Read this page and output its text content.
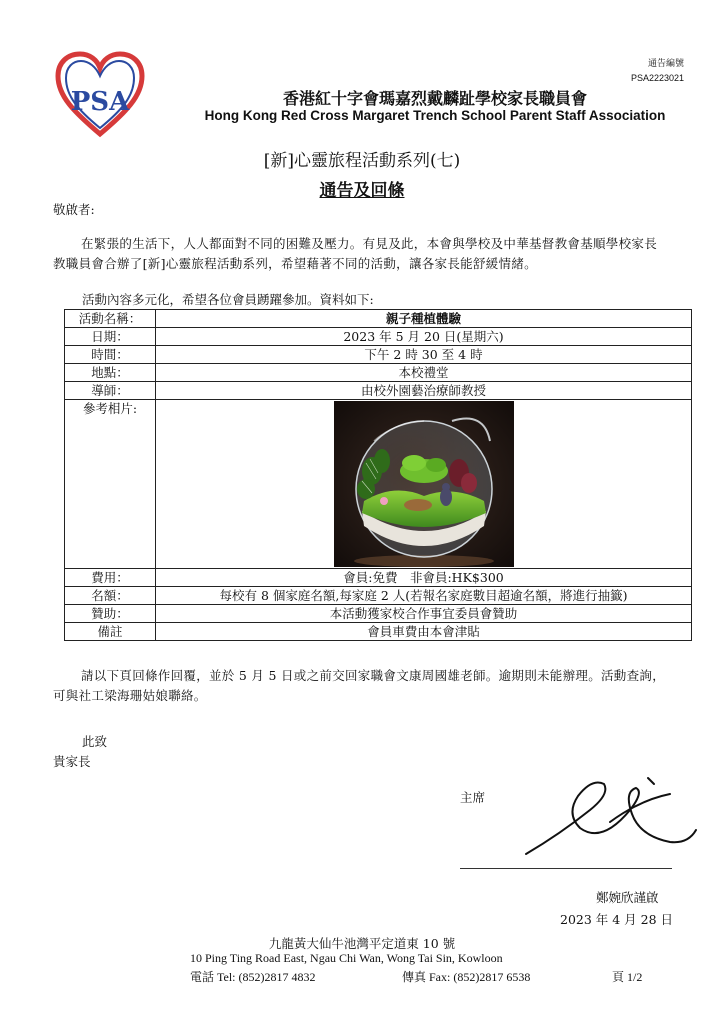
PSA
通告編號
PSA2223021
香港紅十字會瑪嘉烈戴麟趾學校家長職員會
Hong Kong Red Cross Margaret Trench School Parent Staff Association
[新]心靈旅程活動系列(七)
通告及回條
敬啟者:

在緊張的生活下，人人都面對不同的困難及壓力。有見及此，本會與學校及中華基督教會基順學校家長教職員會合辦了[新]心靈旅程活動系列，希望藉著不同的活動，讓各家長能舒緩情緒。

活動內容多元化，希望各位會員踴躍參加。資料如下:
活動名稱：	親子種植體驗
日期：	2023 年 5 月 20 日(星期六)
時間：	下午 2 時 30 至 4 時
地點：	本校禮堂
導師：	由校外園藝治療師教授
參考相片:	

費用：	會員:免費　非會員:HK$300
名額：	每校有 8 個家庭名額,每家庭 2 人(若報名家庭數目超逾名額，將進行抽籤)
贊助：	本活動獲家校合作事宜委員會贊助
備註	會員車費由本會津貼

請以下頁回條作回覆，並於 5 月 5 日或之前交回家職會文康周國雄老師。逾期則未能辦理。活動查詢，可與社工梁海珊姑娘聯絡。

此致
貴家長
主席
鄭婉欣謹啟
2023 年 4 月 28 日
九龍黃大仙牛池灣平定道東 10 號
10 Ping Ting Road East, Ngau Chi Wan, Wong Tai Sin, Kowloon
電話 Tel: (852)2817 4832	傳真 Fax: (852)2817 6538	頁 1/2
